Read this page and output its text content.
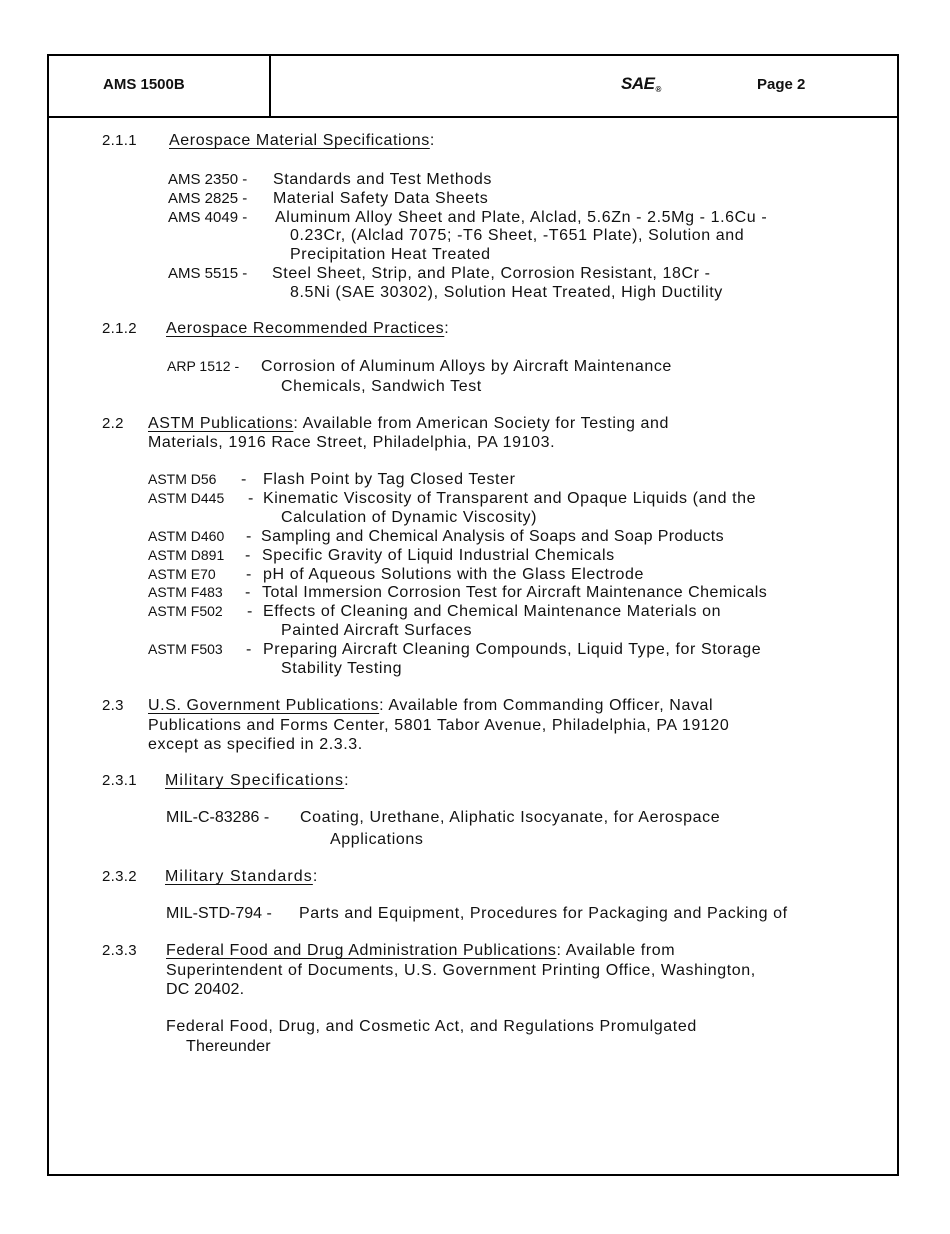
AMS 1500B	SAE®	Page 2
2.1.1 Aerospace Material Specifications:
AMS 2350 - Standards and Test Methods
AMS 2825 - Material Safety Data Sheets
AMS 4049 - Aluminum Alloy Sheet and Plate, Alclad, 5.6Zn - 2.5Mg - 1.6Cu -
0.23Cr, (Alclad 7075; -T6 Sheet, -T651 Plate), Solution and
Precipitation Heat Treated
AMS 5515 - Steel Sheet, Strip, and Plate, Corrosion Resistant, 18Cr -
8.5Ni (SAE 30302), Solution Heat Treated, High Ductility
2.1.2 Aerospace Recommended Practices:
ARP 1512 - Corrosion of Aluminum Alloys by Aircraft Maintenance
Chemicals, Sandwich Test
2.2 ASTM Publications: Available from American Society for Testing and
Materials, 1916 Race Street, Philadelphia, PA 19103.
ASTM D56 - Flash Point by Tag Closed Tester
ASTM D445 - Kinematic Viscosity of Transparent and Opaque Liquids (and the
Calculation of Dynamic Viscosity)
ASTM D460 - Sampling and Chemical Analysis of Soaps and Soap Products
ASTM D891 - Specific Gravity of Liquid Industrial Chemicals
ASTM E70 - pH of Aqueous Solutions with the Glass Electrode
ASTM F483 - Total Immersion Corrosion Test for Aircraft Maintenance Chemicals
ASTM F502 - Effects of Cleaning and Chemical Maintenance Materials on
Painted Aircraft Surfaces
ASTM F503 - Preparing Aircraft Cleaning Compounds, Liquid Type, for Storage
Stability Testing
2.3 U.S. Government Publications: Available from Commanding Officer, Naval
Publications and Forms Center, 5801 Tabor Avenue, Philadelphia, PA 19120
except as specified in 2.3.3.
2.3.1 Military Specifications:
MIL-C-83286 - Coating, Urethane, Aliphatic Isocyanate, for Aerospace
Applications
2.3.2 Military Standards:
MIL-STD-794 - Parts and Equipment, Procedures for Packaging and Packing of
2.3.3 Federal Food and Drug Administration Publications: Available from
Superintendent of Documents, U.S. Government Printing Office, Washington,
DC 20402.
Federal Food, Drug, and Cosmetic Act, and Regulations Promulgated
Thereunder
